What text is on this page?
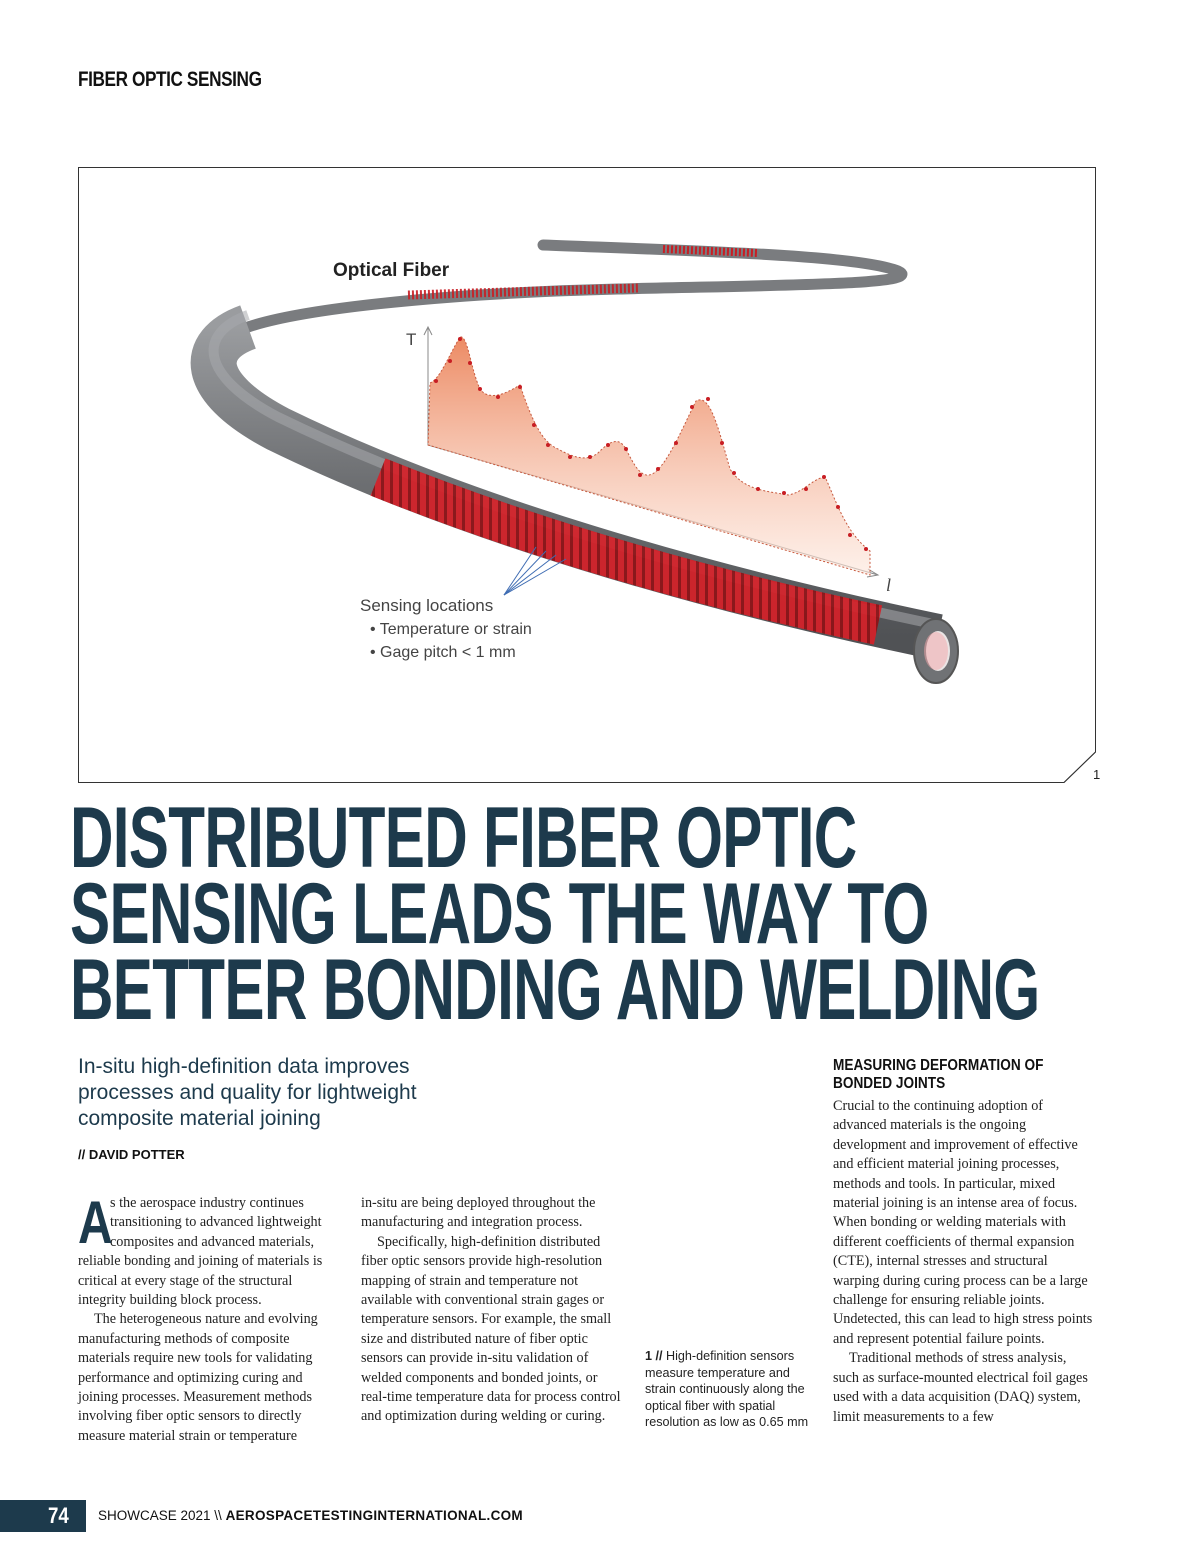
FIBER OPTIC SENSING
Optical Fiber
T
l
Sensing locations
• Temperature or strain
• Gage pitch < 1 mm
1
DISTRIBUTED FIBER OPTIC
SENSING LEADS THE WAY TO
BETTER BONDING AND WELDING
In-situ high-definition data improves processes and quality for lightweight composite material joining
// DAVID POTTER

A
s the aerospace industry continues transitioning to advanced lightweight composites and advanced materials, reliable bonding and joining of materials is critical at every stage of the structural integrity building block process.

The heterogeneous nature and evolving manufacturing methods of composite materials require new tools for validating performance and optimizing curing and joining processes. Measurement methods involving fiber optic sensors to directly measure material strain or temperature

in-situ are being deployed throughout the manufacturing and integration process.

Specifically, high-definition distributed fiber optic sensors provide high-resolution mapping of strain and temperature not available with conventional strain gages or temperature sensors. For example, the small size and distributed nature of fiber optic sensors can provide in-situ validation of welded components and bonded joints, or real-time temperature data for process control and optimization during welding or curing.

1 // High-definition sensors measure temperature and strain continuously along the optical fiber with spatial resolution as low as 0.65 mm
MEASURING DEFORMATION OF BONDED JOINTS

Crucial to the continuing adoption of advanced materials is the ongoing development and improvement of effective and efficient material joining processes, methods and tools. In particular, mixed material joining is an intense area of focus. When bonding or welding materials with different coefficients of thermal expansion (CTE), internal stresses and structural warping during curing process can be a large challenge for ensuring reliable joints. Undetected, this can lead to high stress points and represent potential failure points.

Traditional methods of stress analysis, such as surface-mounted electrical foil gages used with a data acquisition (DAQ) system, limit measurements to a few

74 SHOWCASE 2021 \\ AEROSPACETESTINGINTERNATIONAL.COM
